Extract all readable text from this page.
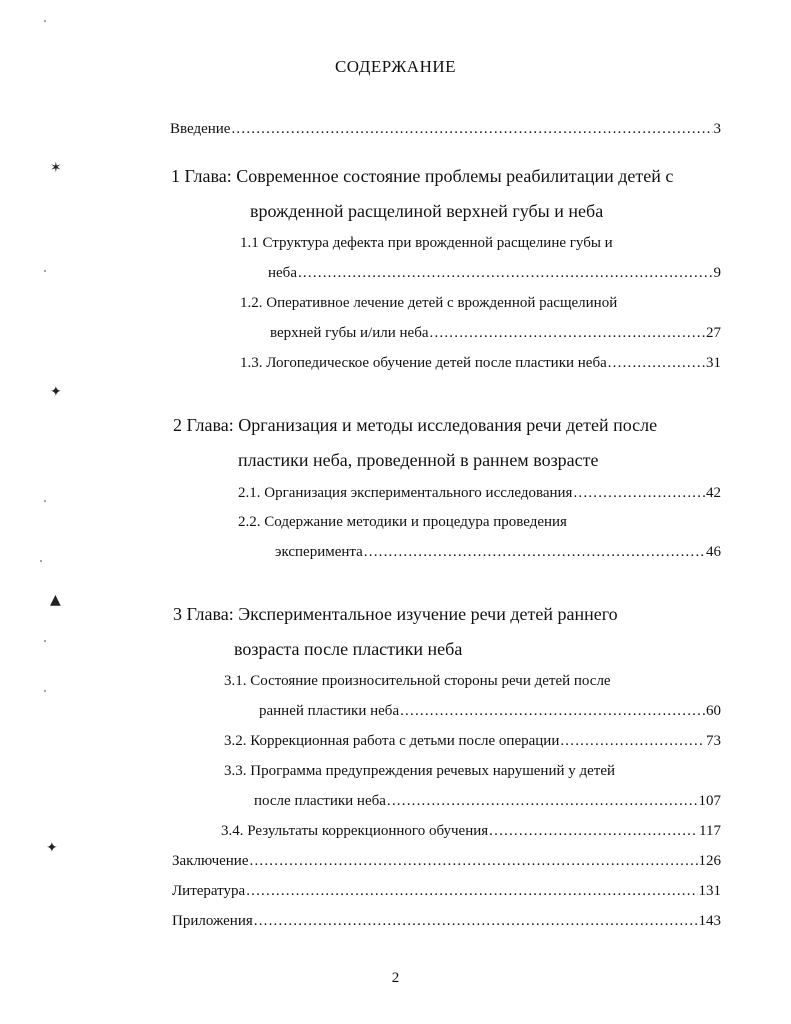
СОДЕРЖАНИЕ
Введение .....	3
1 Глава: Современное состояние проблемы реабилитации детей с
врожденной расщелиной верхней губы и неба
1.1 Структура дефекта при врожденной расщелине губы и
неба .....	9
1.2. Оперативное лечение детей с врожденной расщелиной
верхней губы и/или неба .....	27
1.3. Логопедическое обучение детей после пластики неба .....	31
2 Глава: Организация и методы исследования речи детей после
пластики неба, проведенной в раннем возрасте
2.1. Организация экспериментального исследования .....	42
2.2. Содержание методики и процедура проведения
эксперимента .....	46
3 Глава: Экспериментальное изучение речи детей раннего
возраста после пластики неба
3.1. Состояние произносительной стороны речи детей после
ранней пластики неба .....	60
3.2. Коррекционная работа с детьми после операции .....	73
3.3. Программа предупреждения речевых нарушений у детей
после пластики неба .....	107
3.4. Результаты коррекционного обучения .....	117
Заключение .....	126
Литература .....	131
Приложения .....	143
2
✶
✦
▲
✦
